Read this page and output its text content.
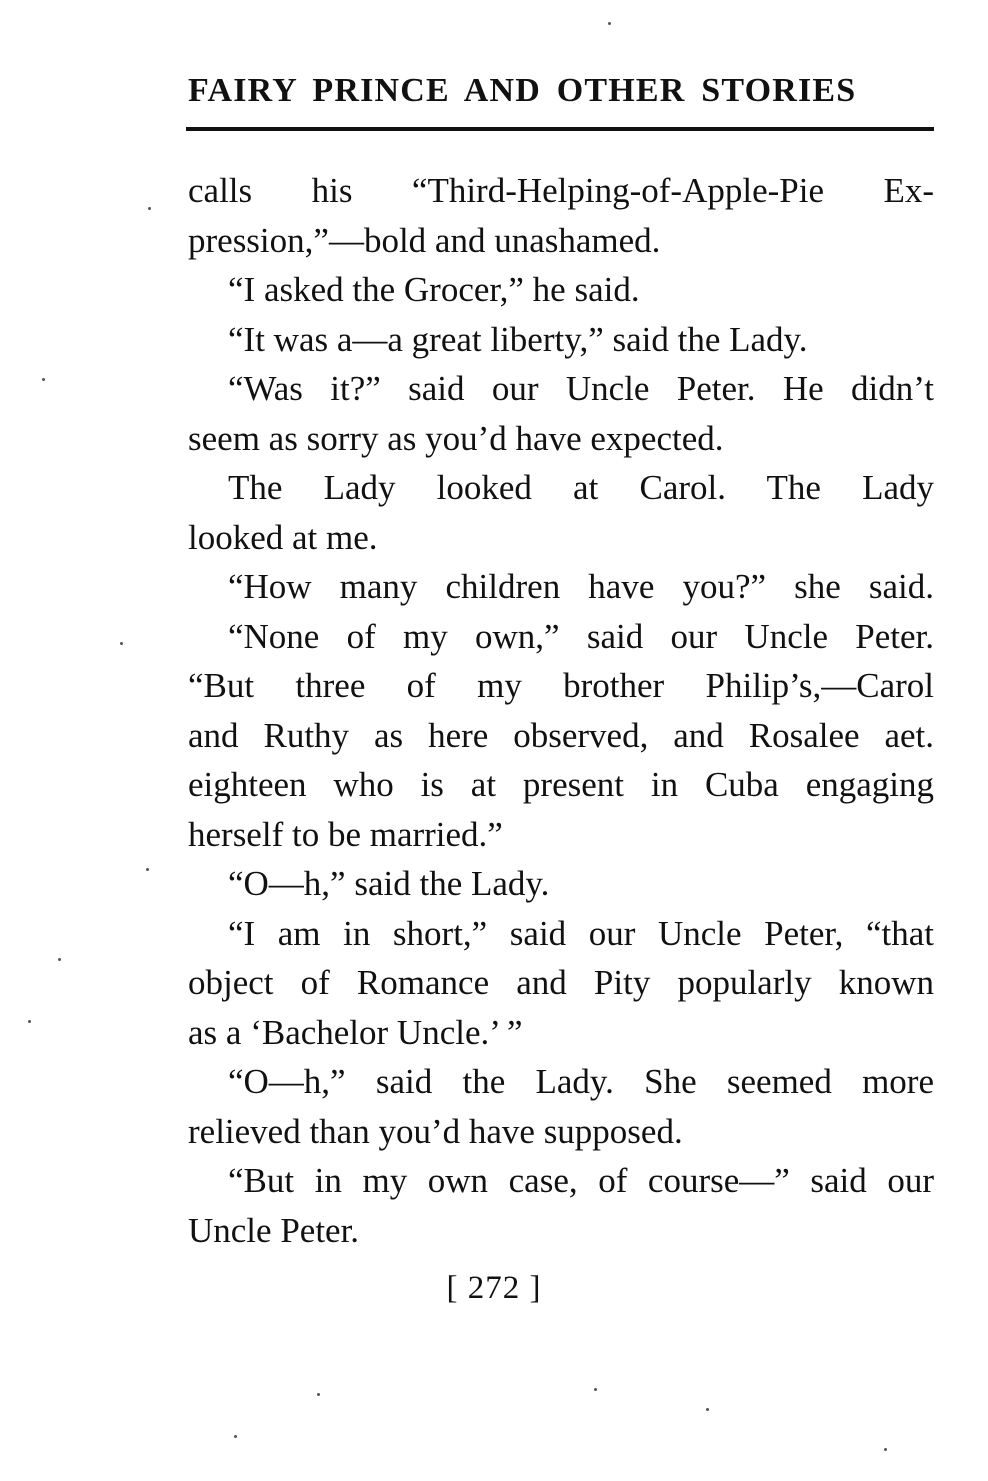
FAIRY PRINCE AND OTHER STORIES
calls his “Third-Helping-of-Apple-Pie Ex-
pression,”—bold and unashamed.
“I asked the Grocer,” he said.
“It was a—a great liberty,” said the Lady.
“Was it?” said our Uncle Peter. He didn’t
seem as sorry as you’d have expected.
The Lady looked at Carol. The Lady
looked at me.
“How many children have you?” she said.
“None of my own,” said our Uncle Peter.
“But three of my brother Philip’s,—Carol
and Ruthy as here observed, and Rosalee aet.
eighteen who is at present in Cuba engaging
herself to be married.”
“O—h,” said the Lady.
“I am in short,” said our Uncle Peter, “that
object of Romance and Pity popularly known
as a ‘Bachelor Uncle.’ ”
“O—h,” said the Lady. She seemed more
relieved than you’d have supposed.
“But in my own case, of course—” said our
Uncle Peter.
[ 272 ]
